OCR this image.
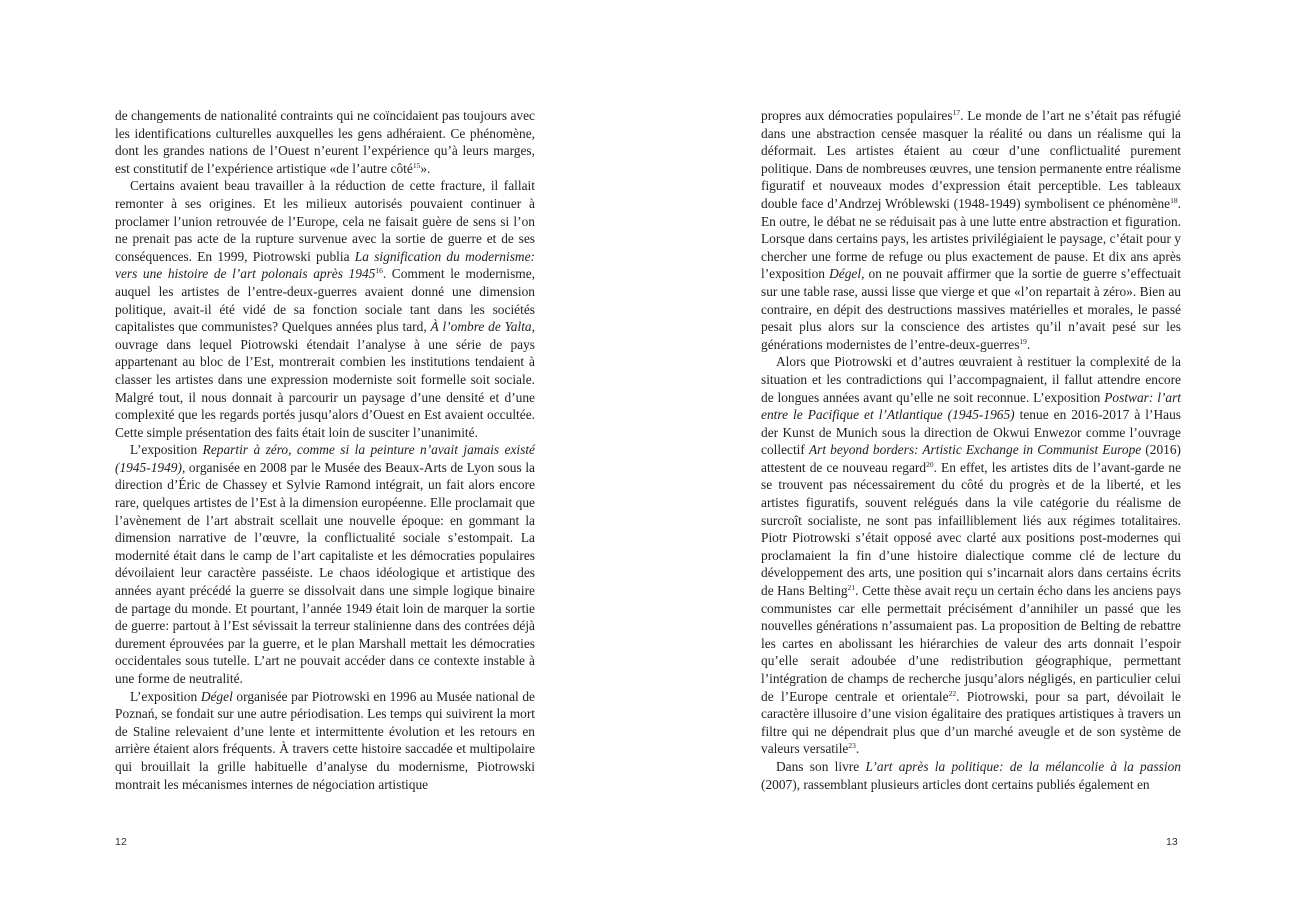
de changements de nationalité contraints qui ne coïncidaient pas toujours avec les identifications culturelles auxquelles les gens adhéraient. Ce phénomène, dont les grandes nations de l’Ouest n’eurent l’expérience qu’à leurs marges, est constitutif de l’expérience artistique «de l’autre côté$^{15}$».

Certains avaient beau travailler à la réduction de cette fracture, il fallait remonter à ses origines. Et les milieux autorisés pouvaient continuer à proclamer l’union retrouvée de l’Europe, cela ne faisait guère de sens si l’on ne prenait pas acte de la rupture survenue avec la sortie de guerre et de ses conséquences. En 1999, Piotrowski publia La signification du modernisme: vers une histoire de l’art polonais après 1945$^{16}$. Comment le modernisme, auquel les artistes de l’entre-deux-guerres avaient donné une dimension politique, avait-il été vidé de sa fonction sociale tant dans les sociétés capitalistes que communistes? Quelques années plus tard, À l’ombre de Yalta, ouvrage dans lequel Piotrowski étendait l’analyse à une série de pays appartenant au bloc de l’Est, montrerait combien les institutions tendaient à classer les artistes dans une expression moderniste soit formelle soit sociale. Malgré tout, il nous donnait à parcourir un paysage d’une densité et d’une complexité que les regards portés jusqu’alors d’Ouest en Est avaient occultée. Cette simple présentation des faits était loin de susciter l’unanimité.

L’exposition Repartir à zéro, comme si la peinture n’avait jamais existé (1945-1949), organisée en 2008 par le Musée des Beaux-Arts de Lyon sous la direction d’Éric de Chassey et Sylvie Ramond intégrait, un fait alors encore rare, quelques artistes de l’Est à la dimension européenne. Elle proclamait que l’avènement de l’art abstrait scellait une nouvelle époque: en gommant la dimension narrative de l’œuvre, la conflictualité sociale s’estompait. La modernité était dans le camp de l’art capitaliste et les démocraties populaires dévoilaient leur caractère passéiste. Le chaos idéologique et artistique des années ayant précédé la guerre se dissolvait dans une simple logique binaire de partage du monde. Et pourtant, l’année 1949 était loin de marquer la sortie de guerre: partout à l’Est sévissait la terreur stalinienne dans des contrées déjà durement éprouvées par la guerre, et le plan Marshall mettait les démocraties occidentales sous tutelle. L’art ne pouvait accéder dans ce contexte instable à une forme de neutralité.

L’exposition Dégel organisée par Piotrowski en 1996 au Musée national de Poznań, se fondait sur une autre périodisation. Les temps qui suivirent la mort de Staline relevaient d’une lente et intermittente évolution et les retours en arrière étaient alors fréquents. À travers cette histoire saccadée et multipolaire qui brouillait la grille habituelle d’analyse du modernisme, Piotrowski montrait les mécanismes internes de négociation artistique

propres aux démocraties populaires$^{17}$. Le monde de l’art ne s’était pas réfugié dans une abstraction censée masquer la réalité ou dans un réalisme qui la déformait. Les artistes étaient au cœur d’une conflictualité purement politique. Dans de nombreuses œuvres, une tension permanente entre réalisme figuratif et nouveaux modes d’expression était perceptible. Les tableaux double face d’Andrzej Wróblewski (1948-1949) symbolisent ce phénomène$^{18}$. En outre, le débat ne se réduisait pas à une lutte entre abstraction et figuration. Lorsque dans certains pays, les artistes privilégiaient le paysage, c’était pour y chercher une forme de refuge ou plus exactement de pause. Et dix ans après l’exposition Dégel, on ne pouvait affirmer que la sortie de guerre s’effectuait sur une table rase, aussi lisse que vierge et que «l’on repartait à zéro». Bien au contraire, en dépit des destructions massives matérielles et morales, le passé pesait plus alors sur la conscience des artistes qu’il n’avait pesé sur les générations modernistes de l’entre-deux-guerres$^{19}$.

Alors que Piotrowski et d’autres œuvraient à restituer la complexité de la situation et les contradictions qui l’accompagnaient, il fallut attendre encore de longues années avant qu’elle ne soit reconnue. L’exposition Postwar: l’art entre le Pacifique et l’Atlantique (1945-1965) tenue en 2016-2017 à l’Haus der Kunst de Munich sous la direction de Okwui Enwezor comme l’ouvrage collectif Art beyond borders: Artistic Exchange in Communist Europe (2016) attestent de ce nouveau regard$^{20}$. En effet, les artistes dits de l’avant-garde ne se trouvent pas nécessairement du côté du progrès et de la liberté, et les artistes figuratifs, souvent relégués dans la vile catégorie du réalisme de surcroît socialiste, ne sont pas infailliblement liés aux régimes totalitaires. Piotr Piotrowski s’était opposé avec clarté aux positions post-modernes qui proclamaient la fin d’une histoire dialectique comme clé de lecture du développement des arts, une position qui s’incarnait alors dans certains écrits de Hans Belting$^{21}$. Cette thèse avait reçu un certain écho dans les anciens pays communistes car elle permettait précisément d’annihiler un passé que les nouvelles générations n’assumaient pas. La proposition de Belting de rebattre les cartes en abolissant les hiérarchies de valeur des arts donnait l’espoir qu’elle serait adoubée d’une redistribution géographique, permettant l’intégration de champs de recherche jusqu’alors négligés, en particulier celui de l’Europe centrale et orientale$^{22}$. Piotrowski, pour sa part, dévoilait le caractère illusoire d’une vision égalitaire des pratiques artistiques à travers un filtre qui ne dépendrait plus que d’un marché aveugle et de son système de valeurs versatile$^{23}$.

Dans son livre L’art après la politique: de la mélancolie à la passion (2007), rassemblant plusieurs articles dont certains publiés également en

12	13
